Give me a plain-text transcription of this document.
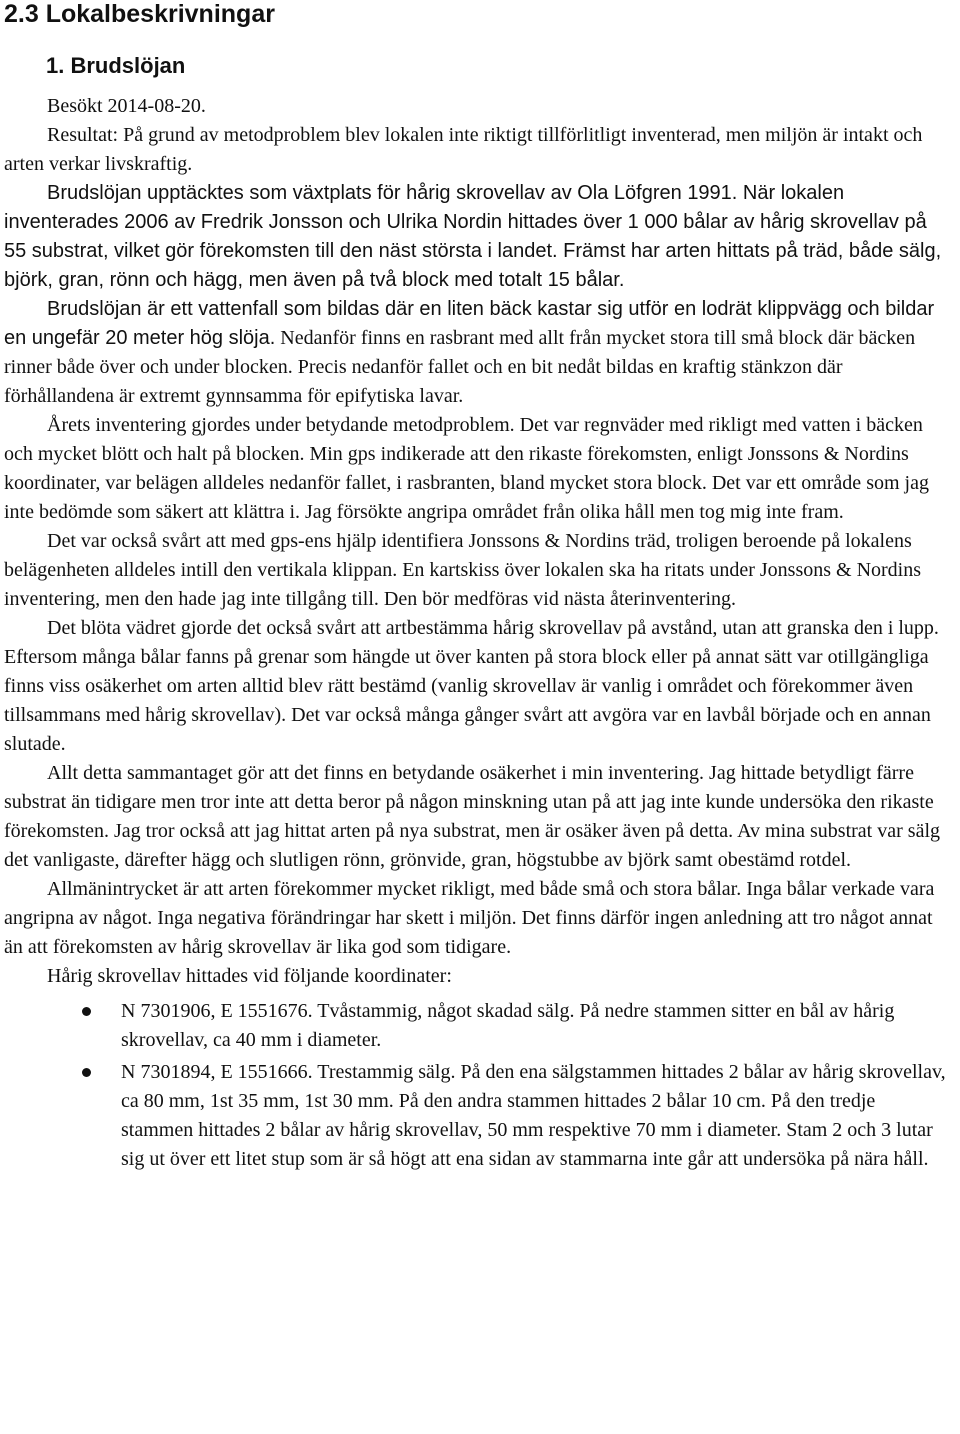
2.3 Lokalbeskrivningar
1. Brudslöjan

Besökt 2014-08-20.

Resultat: På grund av metodproblem blev lokalen inte riktigt tillförlitligt inventerad, men miljön är intakt och arten verkar livskraftig.

Brudslöjan upptäcktes som växtplats för hårig skrovellav av Ola Löfgren 1991. När lokalen inventerades 2006 av Fredrik Jonsson och Ulrika Nordin hittades över 1 000 bålar av hårig skrovellav på 55 substrat, vilket gör förekomsten till den näst största i landet. Främst har arten hittats på träd, både sälg, björk, gran, rönn och hägg, men även på två block med totalt 15 bålar.

Brudslöjan är ett vattenfall som bildas där en liten bäck kastar sig utför en lodrät klippvägg och bildar en ungefär 20 meter hög slöja. Nedanför finns en rasbrant med allt från mycket stora till små block där bäcken rinner både över och under blocken. Precis nedanför fallet och en bit nedåt bildas en kraftig stänkzon där förhållandena är extremt gynnsamma för epifytiska lavar.

Årets inventering gjordes under betydande metodproblem. Det var regnväder med rikligt med vatten i bäcken och mycket blött och halt på blocken. Min gps indikerade att den rikaste förekomsten, enligt Jonssons & Nordins koordinater, var belägen alldeles nedanför fallet, i rasbranten, bland mycket stora block. Det var ett område som jag inte bedömde som säkert att klättra i. Jag försökte angripa området från olika håll men tog mig inte fram.

Det var också svårt att med gps-ens hjälp identifiera Jonssons & Nordins träd, troligen beroende på lokalens belägenheten alldeles intill den vertikala klippan. En kartskiss över lokalen ska ha ritats under Jonssons & Nordins inventering, men den hade jag inte tillgång till. Den bör medföras vid nästa återinventering.

Det blöta vädret gjorde det också svårt att artbestämma hårig skrovellav på avstånd, utan att granska den i lupp. Eftersom många bålar fanns på grenar som hängde ut över kanten på stora block eller på annat sätt var otillgängliga finns viss osäkerhet om arten alltid blev rätt bestämd (vanlig skrovellav är vanlig i området och förekommer även tillsammans med hårig skrovellav). Det var också många gånger svårt att avgöra var en lavbål började och en annan slutade.

Allt detta sammantaget gör att det finns en betydande osäkerhet i min inventering. Jag hittade betydligt färre substrat än tidigare men tror inte att detta beror på någon minskning utan på att jag inte kunde undersöka den rikaste förekomsten. Jag tror också att jag hittat arten på nya substrat, men är osäker även på detta. Av mina substrat var sälg det vanligaste, därefter hägg och slutligen rönn, grönvide, gran, högstubbe av björk samt obestämd rotdel.

Allmänintrycket är att arten förekommer mycket rikligt, med både små och stora bålar. Inga bålar verkade vara angripna av något. Inga negativa förändringar har skett i miljön. Det finns därför ingen anledning att tro något annat än att förekomsten av hårig skrovellav är lika god som tidigare.

Hårig skrovellav hittades vid följande koordinater:

N 7301906, E 1551676. Tvåstammig, något skadad sälg. På nedre stammen sitter en bål av hårig skrovellav, ca 40 mm i diameter.
N 7301894, E 1551666. Trestammig sälg. På den ena sälgstammen hittades 2 bålar av hårig skrovellav, ca 80 mm, 1st 35 mm, 1st 30 mm. På den andra stammen hittades 2 bålar 10 cm. På den tredje stammen hittades 2 bålar av hårig skrovellav, 50 mm respektive 70 mm i diameter. Stam 2 och 3 lutar sig ut över ett litet stup som är så högt att ena sidan av stammarna inte går att undersöka på nära håll.
